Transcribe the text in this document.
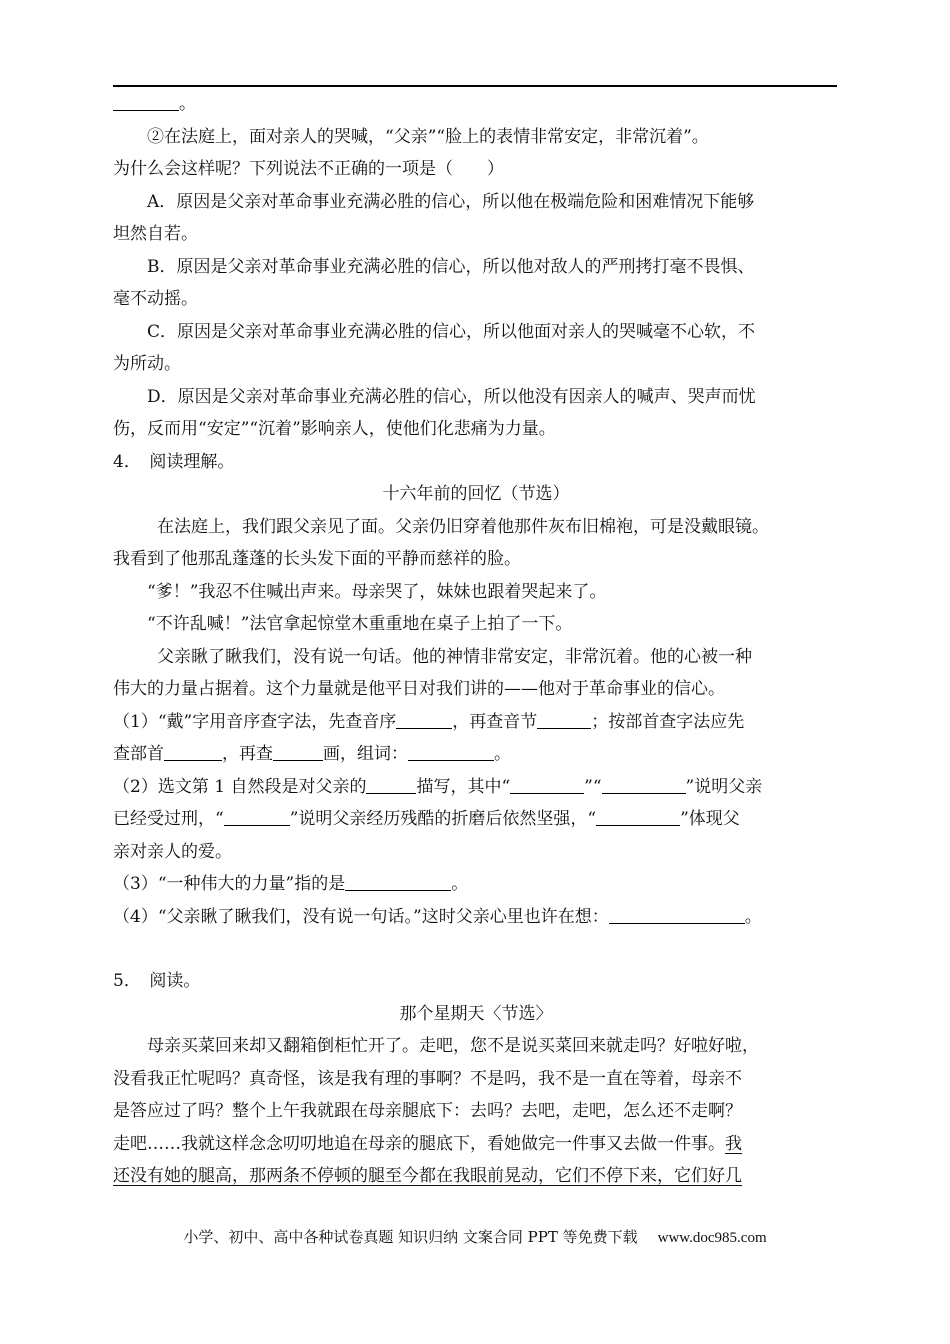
。

②在法庭上，面对亲人的哭喊，“父亲”“脸上的表情非常安定，非常沉着”。

为什么会这样呢？下列说法不正确的一项是（　　）

A．原因是父亲对革命事业充满必胜的信心，所以他在极端危险和困难情况下能够

坦然自若。

B．原因是父亲对革命事业充满必胜的信心，所以他对敌人的严刑拷打毫不畏惧、

毫不动摇。

C．原因是父亲对革命事业充满必胜的信心，所以他面对亲人的哭喊毫不心软，不

为所动。

D．原因是父亲对革命事业充满必胜的信心，所以他没有因亲人的喊声、哭声而忧

伤，反而用“安定”“沉着”影响亲人，使他们化悲痛为力量。

4．　阅读理解。

十六年前的回忆（节选）

在法庭上，我们跟父亲见了面。父亲仍旧穿着他那件灰布旧棉袍，可是没戴眼镜。

我看到了他那乱蓬蓬的长头发下面的平静而慈祥的脸。

“爹！”我忍不住喊出声来。母亲哭了，妹妹也跟着哭起来了。

“不许乱喊！”法官拿起惊堂木重重地在桌子上拍了一下。

父亲瞅了瞅我们，没有说一句话。他的神情非常安定，非常沉着。他的心被一种

伟大的力量占据着。这个力量就是他平日对我们讲的——他对于革命事业的信心。

（1）“戴”字用音序查字法，先查音序	，再查音节	；按部首查字法应先

查部首	，再查	画，组词：	。

（2）选文第 1 自然段是对父亲的	描写，其中“	”“	”说明父亲

已经受过刑，“	”说明父亲经历残酷的折磨后依然坚强，“	”体现父

亲对亲人的爱。

（3）“一种伟大的力量”指的是	。

（4）“父亲瞅了瞅我们，没有说一句话。”这时父亲心里也许在想：	。

5．　阅读。

那个星期天〈节选〉

母亲买菜回来却又翻箱倒柜忙开了。走吧，您不是说买菜回来就走吗？好啦好啦，

没看我正忙呢吗？真奇怪，该是我有理的事啊？不是吗，我不是一直在等着，母亲不

是答应过了吗？整个上午我就跟在母亲腿底下：去吗？去吧，走吧，怎么还不走啊？

走吧……我就这样念念叨叨地追在母亲的腿底下，看她做完一件事又去做一件事。我

还没有她的腿高，那两条不停顿的腿至今都在我眼前晃动，它们不停下来，它们好几

小学、初中、高中各种试卷真题 知识归纳 文案合同 PPT 等免费下载 www.doc985.com
